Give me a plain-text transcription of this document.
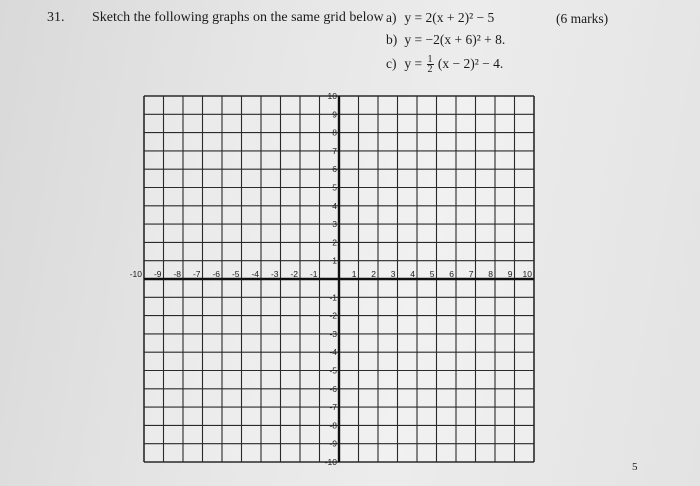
31. Sketch the following graphs on the same grid below	(6 marks)
a) y = 2(x + 2)² − 5
b) y = −2(x + 6)² + 8.
c) $y = \frac{1}{2} (x - 2)^2 - 4$.
-10 -9 -8 -7 -6 -5 -4 -3 -2 -1	1 2 3 4 5 6 7 8 9 10
10
9
8
7
6
5
4
3
2
1
-1
-2
-3
-4
-5
-6
-7
-8
-9
-10	5
